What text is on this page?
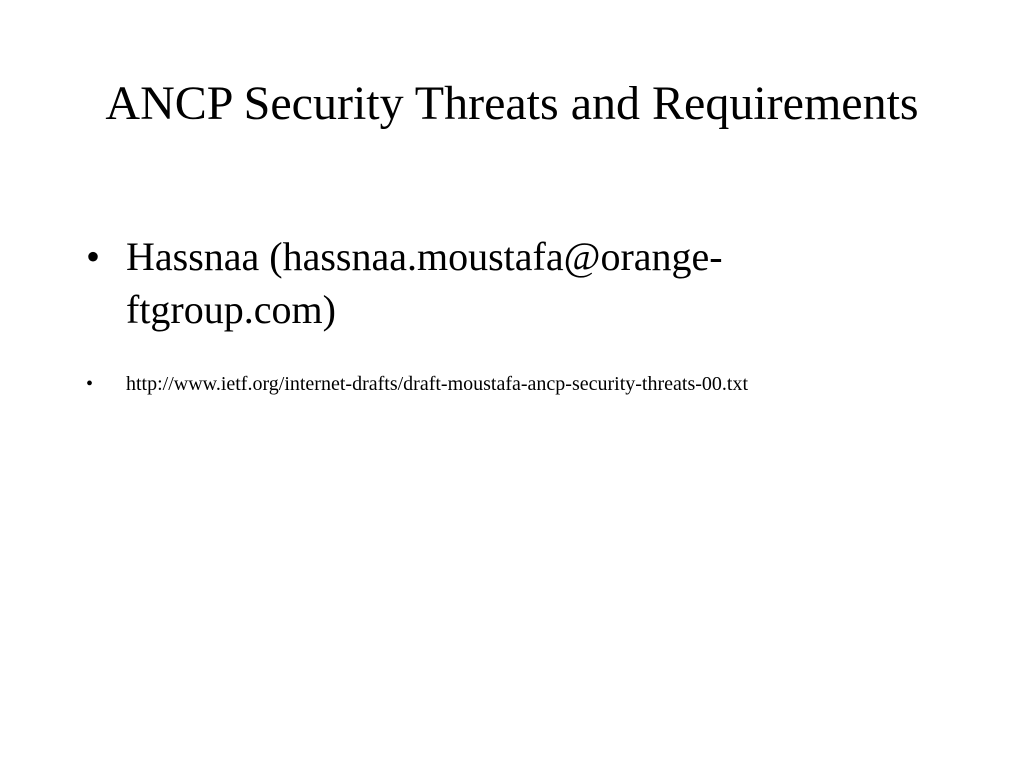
ANCP Security Threats and Requirements
• Hassnaa (hassnaa.moustafa@orange-ftgroup.com)
• http://www.ietf.org/internet-drafts/draft-moustafa-ancp-security-threats-00.txt
